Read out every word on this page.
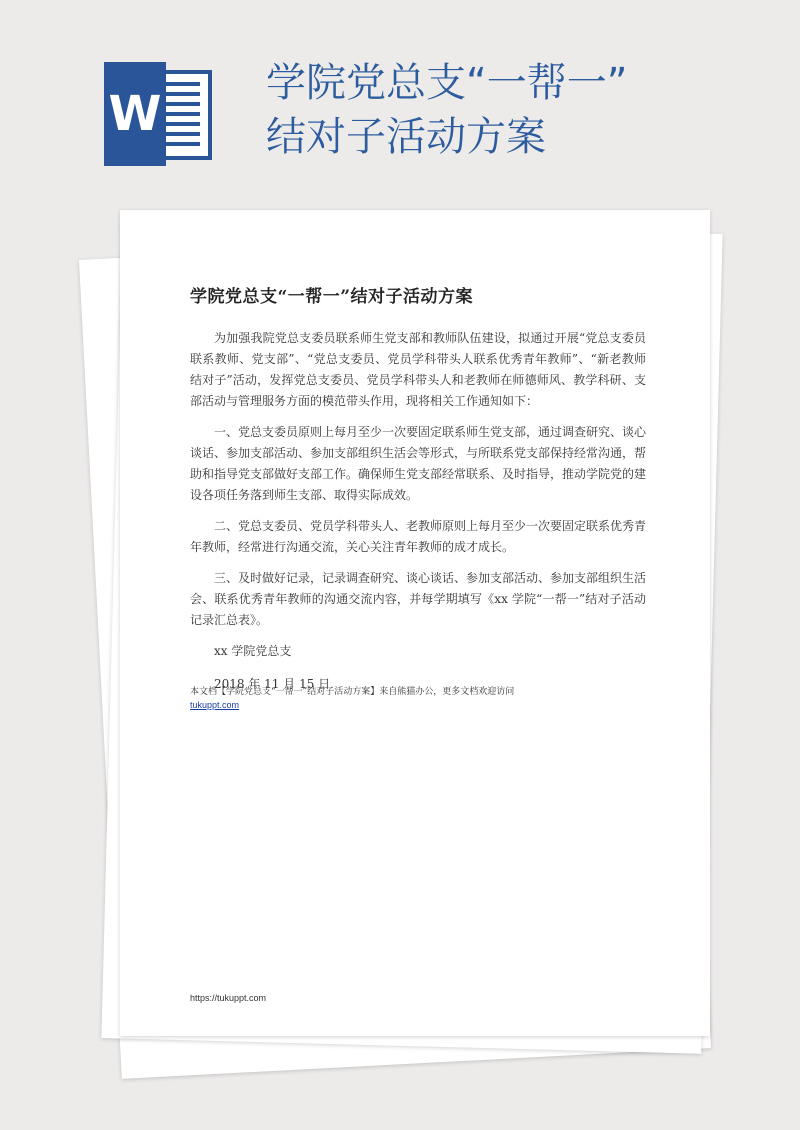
W
学院党总支“一帮一”
结对子活动方案
学院党总支“一帮一”结对子活动方案

为加强我院党总支委员联系师生党支部和教师队伍建设，拟通过开展“党总支委员联系教师、党支部”、“党总支委员、党员学科带头人联系优秀青年教师”、“新老教师结对子”活动，发挥党总支委员、党员学科带头人和老教师在师德师风、教学科研、支部活动与管理服务方面的模范带头作用，现将相关工作通知如下：

一、党总支委员原则上每月至少一次要固定联系师生党支部，通过调查研究、谈心谈话、参加支部活动、参加支部组织生活会等形式，与所联系党支部保持经常沟通，帮助和指导党支部做好支部工作。确保师生党支部经常联系、及时指导，推动学院党的建设各项任务落到师生支部、取得实际成效。

二、党总支委员、党员学科带头人、老教师原则上每月至少一次要固定联系优秀青年教师，经常进行沟通交流，关心关注青年教师的成才成长。

三、及时做好记录，记录调查研究、谈心谈话、参加支部活动、参加支部组织生活会、联系优秀青年教师的沟通交流内容，并每学期填写《xx 学院“一帮一”结对子活动记录汇总表》。

xx 学院党总支

2018 年 11 月 15 日

本文档【学院党总支“一帮一”结对子活动方案】来自熊猫办公，更多文档欢迎访问
tukuppt.com
https://tukuppt.com
